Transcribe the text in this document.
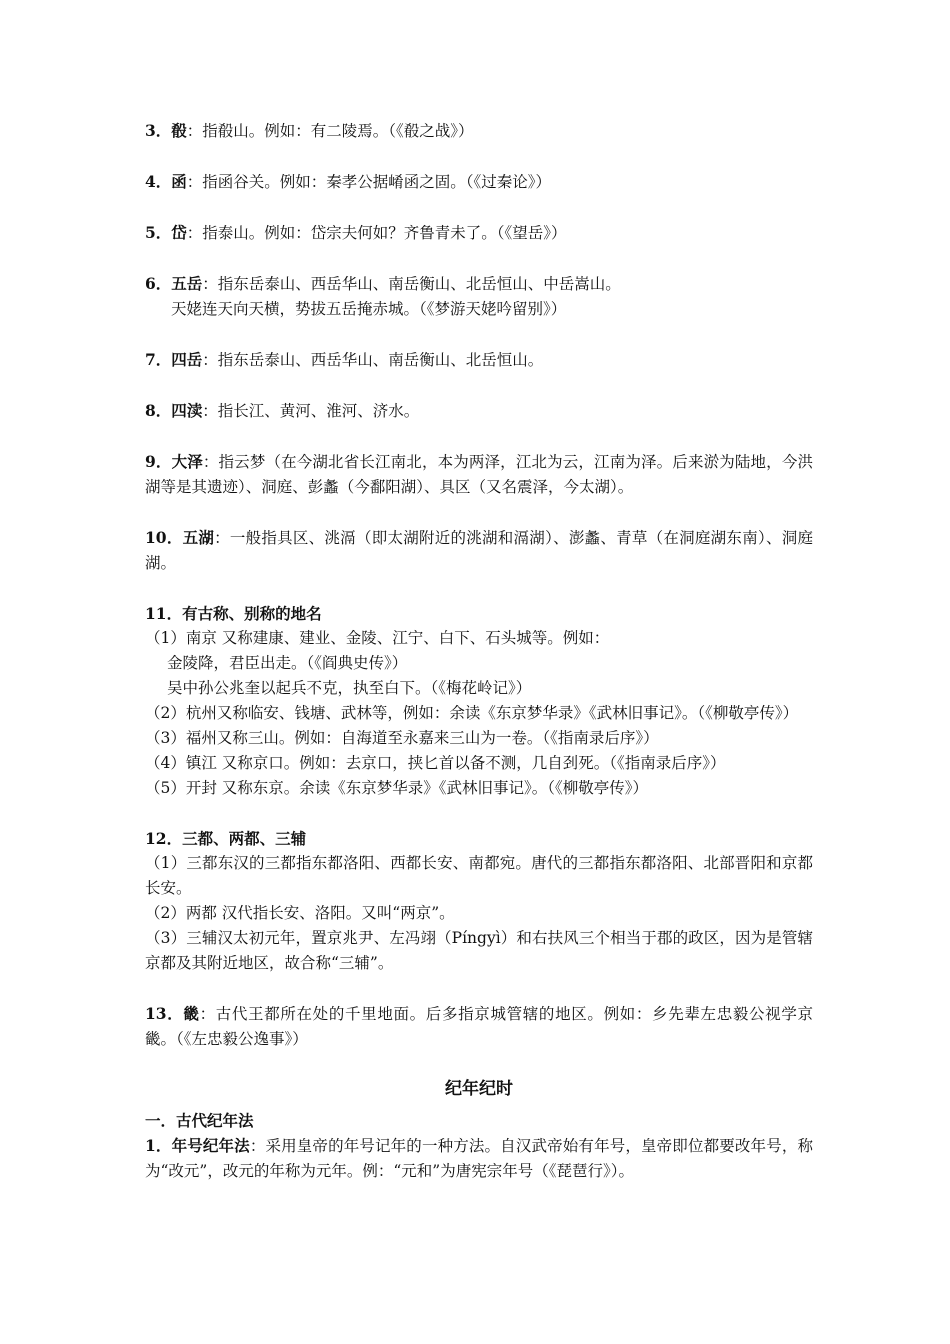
3．殽：指殽山。例如：有二陵焉。（《殽之战》）

4．函：指函谷关。例如：秦孝公据崤函之固。（《过秦论》）

5．岱：指泰山。例如：岱宗夫何如？齐鲁青未了。（《望岳》）

6．五岳：指东岳泰山、西岳华山、南岳衡山、北岳恒山、中岳嵩山。

天姥连天向天横，势拔五岳掩赤城。（《梦游天姥吟留别》）

7．四岳：指东岳泰山、西岳华山、南岳衡山、北岳恒山。

8．四渎：指长江、黄河、淮河、济水。

9．大泽：指云梦（在今湖北省长江南北，本为两泽，江北为云，江南为泽。后来淤为陆地，今洪湖等是其遗迹）、洞庭、彭蠡（今鄱阳湖）、具区（又名震泽，今太湖）。

10．五湖：一般指具区、洮滆（即太湖附近的洮湖和滆湖）、澎蠡、青草（在洞庭湖东南）、洞庭湖。

11．有古称、别称的地名

（1）南京 又称建康、建业、金陵、江宁、白下、石头城等。例如：

金陵降，君臣出走。（《阎典史传》）

吴中孙公兆奎以起兵不克，执至白下。（《梅花岭记》）

（2）杭州又称临安、钱塘、武林等，例如：余读《东京梦华录》《武林旧事记》。（《柳敬亭传》）

（3）福州又称三山。例如：自海道至永嘉来三山为一卷。（《指南录后序》）

（4）镇江 又称京口。例如：去京口，挟匕首以备不测，几自刭死。（《指南录后序》）

（5）开封 又称东京。余读《东京梦华录》《武林旧事记》。（《柳敬亭传》）

12．三都、两都、三辅

（1）三都东汉的三都指东都洛阳、西都长安、南都宛。唐代的三都指东都洛阳、北部晋阳和京都长安。

（2）两都 汉代指长安、洛阳。又叫“两京”。

（3）三辅汉太初元年，置京兆尹、左冯翊（Píngyì）和右扶风三个相当于郡的政区，因为是管辖京都及其附近地区，故合称“三辅”。

13．畿：古代王都所在处的千里地面。后多指京城管辖的地区。例如：乡先辈左忠毅公视学京畿。（《左忠毅公逸事》）

纪年纪时

一．古代纪年法

1．年号纪年法：采用皇帝的年号记年的一种方法。自汉武帝始有年号，皇帝即位都要改年号，称为“改元”，改元的年称为元年。例：“元和”为唐宪宗年号（《琵琶行》）。
